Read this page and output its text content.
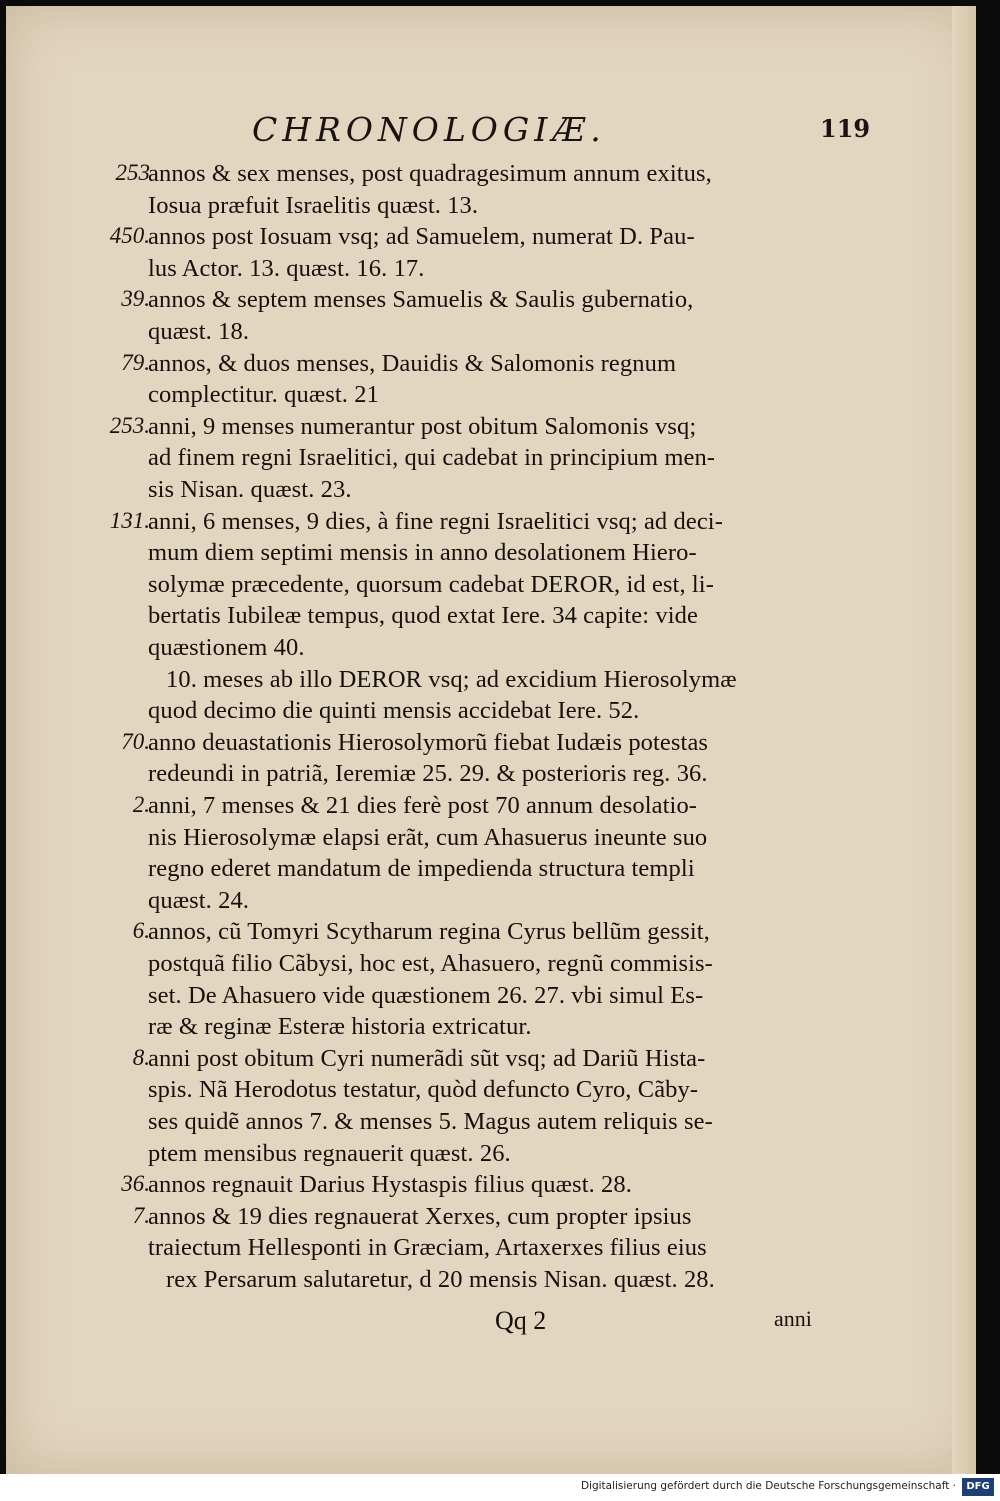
CHRONOLOGIÆ.	119
253
annos & sex menses, post quadragesimum annum exitus,
Iosua præfuit Israelitis quæst. 13.
450.
annos post Iosuam vsq; ad Samuelem, numerat D. Pau-
lus Actor. 13. quæst. 16. 17.
39.
annos & septem menses Samuelis & Saulis gubernatio,
quæst. 18.
79.
annos, & duos menses, Dauidis & Salomonis regnum
complectitur. quæst. 21
253.
anni, 9 menses numerantur post obitum Salomonis vsq;
ad finem regni Israelitici, qui cadebat in principium men-
sis Nisan. quæst. 23.
131.
anni, 6 menses, 9 dies, à fine regni Israelitici vsq; ad deci-
mum diem septimi mensis in anno desolationem Hiero-
solymæ præcedente, quorsum cadebat DEROR, id est, li-
bertatis Iubileæ tempus, quod extat Iere. 34 capite: vide
quæstionem 40.
10. meses ab illo DEROR vsq; ad excidium Hierosolymæ
quod decimo die quinti mensis accidebat Iere. 52.
70.
anno deuastationis Hierosolymorũ fiebat Iudæis potestas
redeundi in patriã, Ieremiæ 25. 29. & posterioris reg. 36.
2.
anni, 7 menses & 21 dies ferè post 70 annum desolatio-
nis Hierosolymæ elapsi erãt, cum Ahasuerus ineunte suo
regno ederet mandatum de impedienda structura templi
quæst. 24.
6.
annos, cũ Tomyri Scytharum regina Cyrus bellũm gessit,
postquã filio Cãbysi, hoc est, Ahasuero, regnũ commisis-
set. De Ahasuero vide quæstionem 26. 27. vbi simul Es-
ræ & reginæ Esteræ historia extricatur.
8.
anni post obitum Cyri numerãdi sũt vsq; ad Dariũ Hista-
spis. Nã Herodotus testatur, quòd defuncto Cyro, Cãby-
ses quidẽ annos 7. & menses 5. Magus autem reliquis se-
ptem mensibus regnauerit quæst. 26.
36.
annos regnauit Darius Hystaspis filius quæst. 28.
7.
annos & 19 dies regnauerat Xerxes, cum propter ipsius
traiectum Hellesponti in Græciam, Artaxerxes filius eius
rex Persarum salutaretur, d 20 mensis Nisan. quæst. 28.
Qq 2	anni
Digitalisierung gefördert durch die Deutsche Forschungsgemeinschaft ·	DFG
